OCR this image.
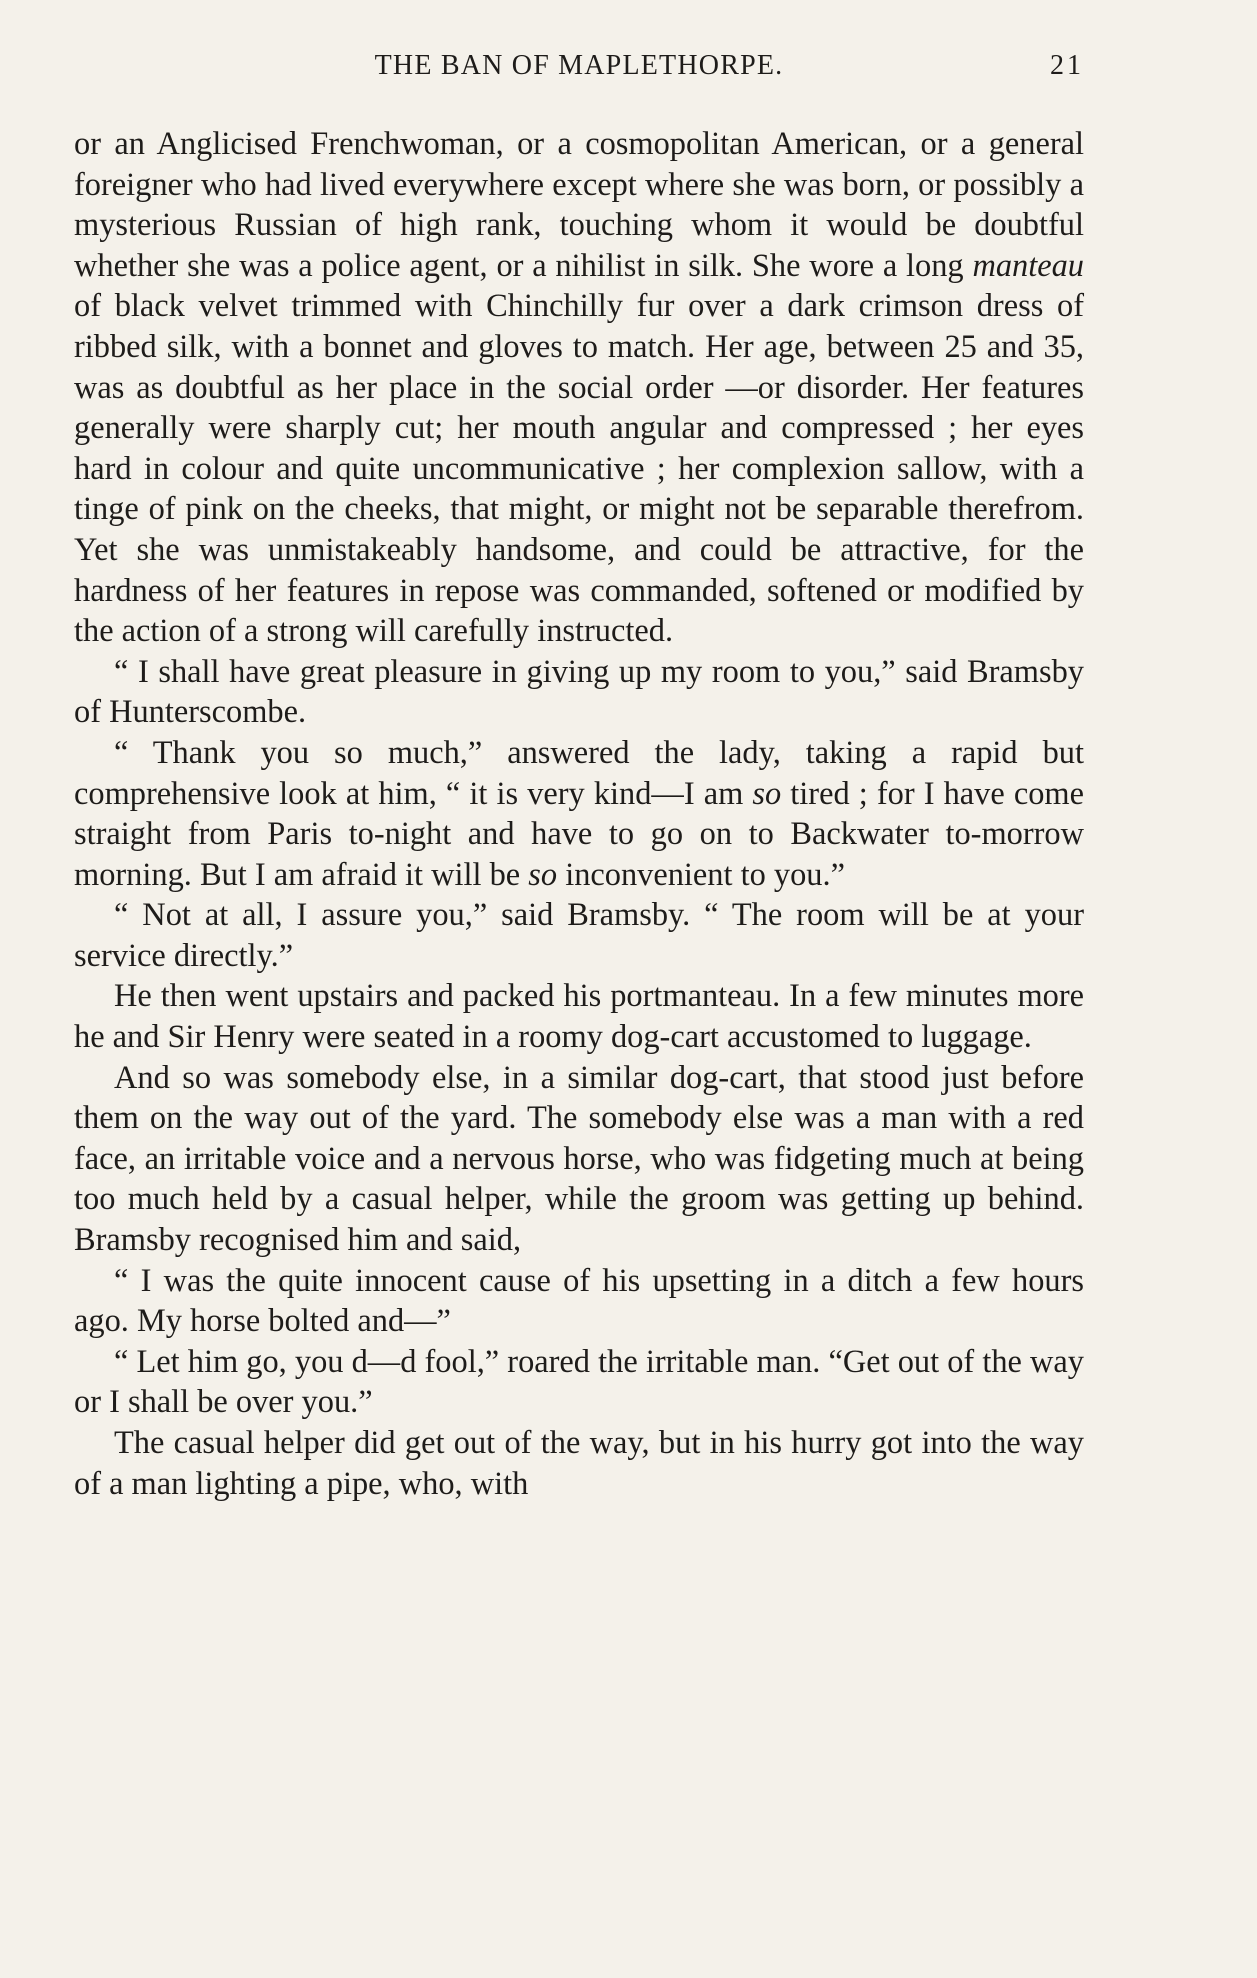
THE BAN OF MAPLETHORPE.	21

or an Anglicised Frenchwoman, or a cosmopolitan American, or a general foreigner who had lived everywhere except where she was born, or possibly a mysterious Russian of high rank, touching whom it would be doubtful whether she was a police agent, or a nihilist in silk. She wore a long manteau of black velvet trimmed with Chinchilly fur over a dark crimson dress of ribbed silk, with a bonnet and gloves to match. Her age, between 25 and 35, was as doubtful as her place in the social order —or disorder. Her features generally were sharply cut; her mouth angular and compressed ; her eyes hard in colour and quite uncommunicative ; her complexion sallow, with a tinge of pink on the cheeks, that might, or might not be separable therefrom. Yet she was unmistakeably handsome, and could be attractive, for the hardness of her features in repose was commanded, softened or modified by the action of a strong will carefully instructed.

“ I shall have great pleasure in giving up my room to you,” said Bramsby of Hunterscombe.

“ Thank you so much,” answered the lady, taking a rapid but comprehensive look at him, “ it is very kind—I am so tired ; for I have come straight from Paris to-night and have to go on to Backwater to-morrow morning. But I am afraid it will be so inconvenient to you.”

“ Not at all, I assure you,” said Bramsby. “ The room will be at your service directly.”

He then went upstairs and packed his portmanteau. In a few minutes more he and Sir Henry were seated in a roomy dog-cart accustomed to luggage.

And so was somebody else, in a similar dog-cart, that stood just before them on the way out of the yard. The somebody else was a man with a red face, an irritable voice and a nervous horse, who was fidgeting much at being too much held by a casual helper, while the groom was getting up behind. Bramsby recognised him and said,

“ I was the quite innocent cause of his upsetting in a ditch a few hours ago. My horse bolted and—”

“ Let him go, you d—d fool,” roared the irritable man. “Get out of the way or I shall be over you.”

The casual helper did get out of the way, but in his hurry got into the way of a man lighting a pipe, who, with
